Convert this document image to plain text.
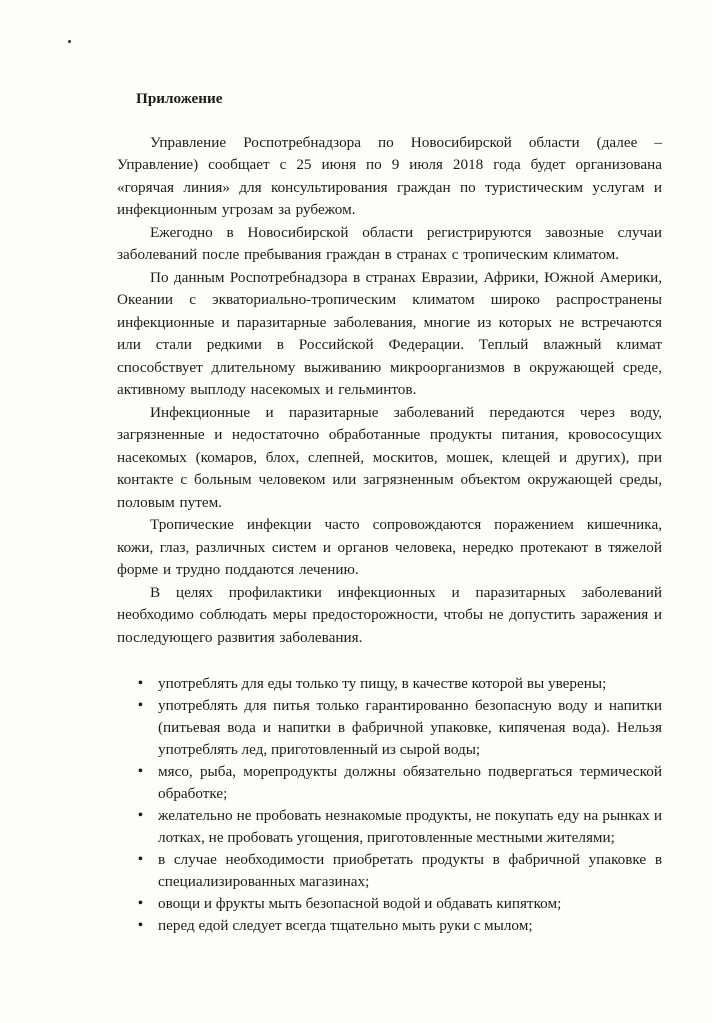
Приложение

Управление Роспотребнадзора по Новосибирской области (далее – Управление) сообщает с 25 июня по 9 июля 2018 года будет организована «горячая линия» для консультирования граждан по туристическим услугам и инфекционным угрозам за рубежом.

Ежегодно в Новосибирской области регистрируются завозные случаи заболеваний после пребывания граждан в странах с тропическим климатом.

По данным Роспотребнадзора в странах Евразии, Африки, Южной Америки, Океании с экваториально-тропическим климатом широко распространены инфекционные и паразитарные заболевания, многие из которых не встречаются или стали редкими в Российской Федерации. Теплый влажный климат способствует длительному выживанию микроорганизмов в окружающей среде, активному выплоду насекомых и гельминтов.

Инфекционные и паразитарные заболеваний передаются через воду, загрязненные и недостаточно обработанные продукты питания, кровососущих насекомых (комаров, блох, слепней, москитов, мошек, клещей и других), при контакте с больным человеком или загрязненным объектом окружающей среды, половым путем.

Тропические инфекции часто сопровождаются поражением кишечника, кожи, глаз, различных систем и органов человека, нередко протекают в тяжелой форме и трудно поддаются лечению.

В целях профилактики инфекционных и паразитарных заболеваний необходимо соблюдать меры предосторожности, чтобы не допустить заражения и последующего развития заболевания.

• употреблять для еды только ту пищу, в качестве которой вы уверены;
• употреблять для питья только гарантированно безопасную воду и напитки (питьевая вода и напитки в фабричной упаковке, кипяченая вода). Нельзя употреблять лед, приготовленный из сырой воды;
• мясо, рыба, морепродукты должны обязательно подвергаться термической обработке;
• желательно не пробовать незнакомые продукты, не покупать еду на рынках и лотках, не пробовать угощения, приготовленные местными жителями;
• в случае необходимости приобретать продукты в фабричной упаковке в специализированных магазинах;
• овощи и фрукты мыть безопасной водой и обдавать кипятком;
• перед едой следует всегда тщательно мыть руки с мылом;
